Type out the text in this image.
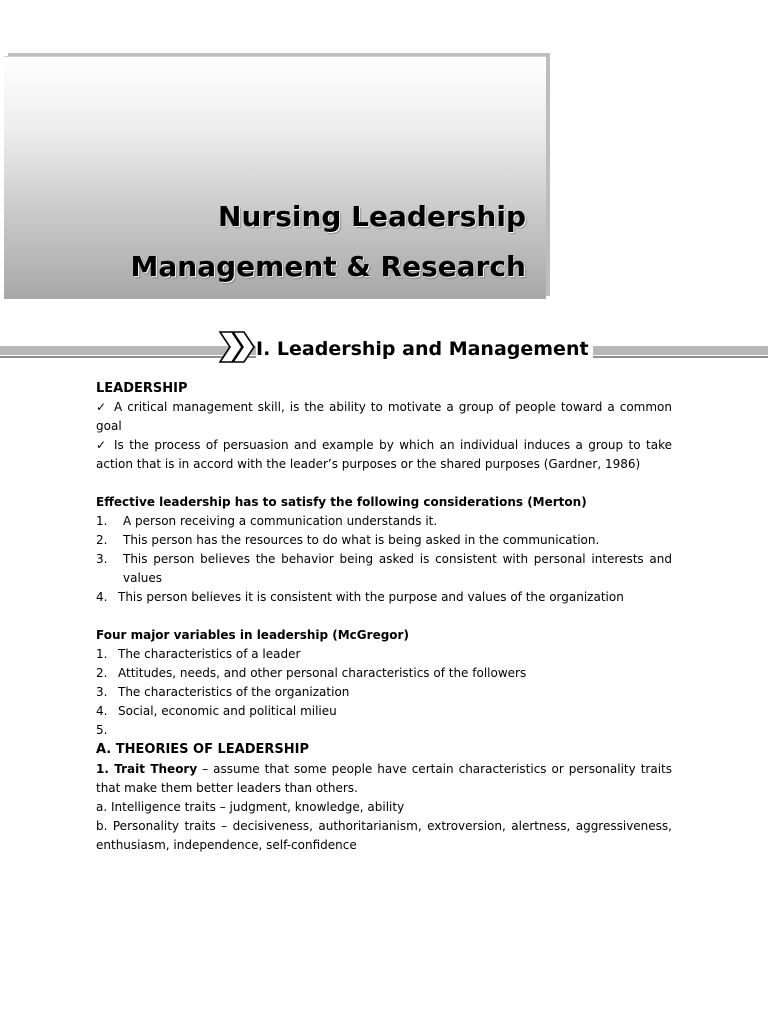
Nursing Leadership
Management & Research
I. Leadership and Management

LEADERSHIP

✓ A critical management skill, is the ability to motivate a group of people toward a common goal

✓ Is the process of persuasion and example by which an individual induces a group to take action that is in accord with the leader’s purposes or the shared purposes (Gardner, 1986)

Effective leadership has to satisfy the following considerations (Merton)

1. A person receiving a communication understands it.
2. This person has the resources to do what is being asked in the communication.
3. This person believes the behavior being asked is consistent with personal interests and values
4. This person believes it is consistent with the purpose and values of the organization

Four major variables in leadership (McGregor)

1. The characteristics of a leader
2. Attitudes, needs, and other personal characteristics of the followers
3. The characteristics of the organization
4. Social, economic and political milieu
5.

A. THEORIES OF LEADERSHIP

1. Trait Theory – assume that some people have certain characteristics or personality traits that make them better leaders than others.

a. Intelligence traits – judgment, knowledge, ability

b. Personality traits – decisiveness, authoritarianism, extroversion, alertness, aggressiveness, enthusiasm, independence, self-confidence
